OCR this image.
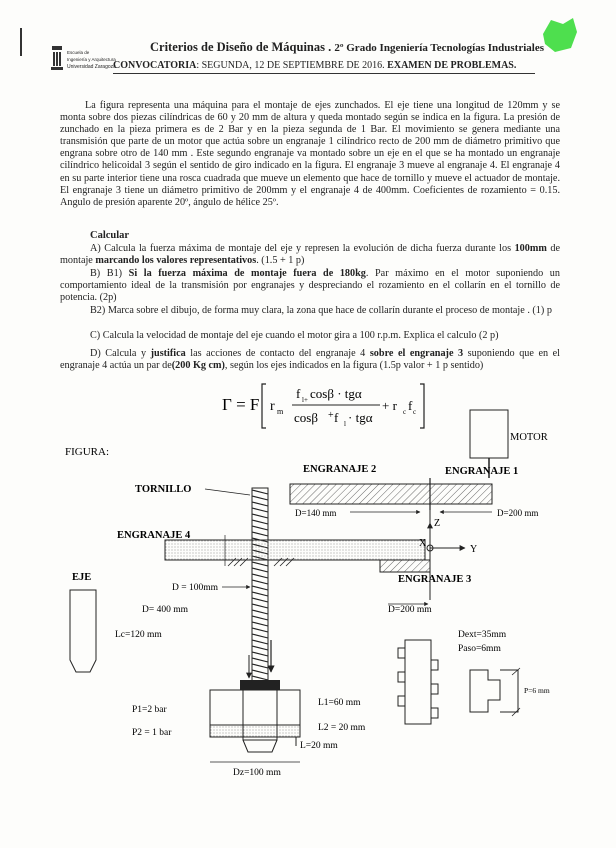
Escuela de
Ingeniería y Arquitectura
Universidad Zaragoza
Criterios de Diseño de Máquinas . 2º Grado Ingeniería Tecnologías Industriales
CONVOCATORIA: SEGUNDA, 12 DE SEPTIEMBRE DE 2016. EXAMEN DE PROBLEMAS.
La figura representa una máquina para el montaje de ejes zunchados. El eje tiene una longitud de 120mm y se monta sobre dos piezas cilíndricas de 60 y 20 mm de altura y queda montado según se indica en la figura. La presión de zunchado en la pieza primera es de 2 Bar y en la pieza segunda de 1 Bar. El movimiento se genera mediante una transmisión que parte de un motor que actúa sobre un engranaje 1 cilíndrico recto de 200 mm de diámetro primitivo que engrana sobre otro de 140 mm . Este segundo engranaje va montado sobre un eje en el que se ha montado un engranaje cilíndrico helicoidal 3 según el sentido de giro indicado en la figura. El engranaje 3 mueve al engranaje 4. El engranaje 4 en su parte interior tiene una rosca cuadrada que mueve un elemento que hace de tornillo y mueve el actuador de montaje. El engranaje 3 tiene un diámetro primitivo de 200mm y el engranaje 4 de 400mm. Coeficientes de rozamiento = 0.15. Angulo de presión aparente 20º, ángulo de hélice 25º.
Calcular
A) Calcula la fuerza máxima de montaje del eje y represen la evolución de dicha fuerza durante los 100mm de montaje marcando los valores representativos. (1.5 + 1 p)
B) B1) Si la fuerza máxima de montaje fuera de 180kg. Par máximo en el motor suponiendo un comportamiento ideal de la transmisión por engranajes y despreciando el rozamiento en el collarín en el tornillo de potencia. (2p)
B2) Marca sobre el dibujo, de forma muy clara, la zona que hace de collarín durante el proceso de montaje . (1) p
C) Calcula la velocidad de montaje del eje cuando el motor gira a 100 r.p.m. Explica el calculo (2 p)
D) Calcula y justifica las acciones de contacto del engranaje 4 sobre el engranaje 3 suponiendo que en el engranaje 4 actúa un par de(200 Kg cm), según los ejes indicados en la figura (1.5p valor + 1 p sentido)
Γ = F r m
f l+ cosβ · tgα
cosβ + f l · tgα
+ r c f c
FIGURA:
MOTOR
ENGRANAJE 2	ENGRANAJE 1
D=140 mm	D=200 mm
TORNILLO
ENGRANAJE 4
Z
Y
X
ENGRANAJE 3
D = 100mm
D= 400 mm	D=200 mm
EJE
Lc=120 mm
Dz=100 mm
P1=2 bar
P2 = 1 bar
L1=60 mm
L2 = 20 mm
L=20 mm
Dext=35mm
Paso=6mm
P=6 mm
